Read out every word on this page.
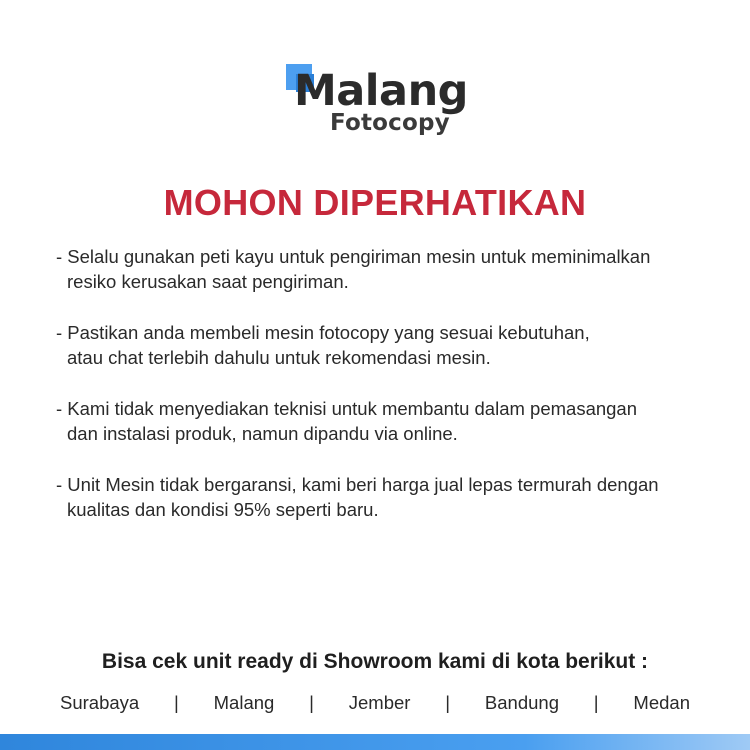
Malang
Fotocopy
MOHON DIPERHATIKAN

- Selalu gunakan peti kayu untuk pengiriman mesin untuk meminimalkan
resiko kerusakan saat pengiriman.

- Pastikan anda membeli mesin fotocopy yang sesuai kebutuhan,
atau chat terlebih dahulu untuk rekomendasi mesin.

- Kami tidak menyediakan teknisi untuk membantu dalam pemasangan
dan instalasi produk, namun dipandu via online.

- Unit Mesin tidak bergaransi, kami beri harga jual lepas termurah dengan
kualitas dan kondisi 95% seperti baru.

Bisa cek unit ready di Showroom kami di kota berikut :
Surabaya | Malang | Jember | Bandung | Medan
